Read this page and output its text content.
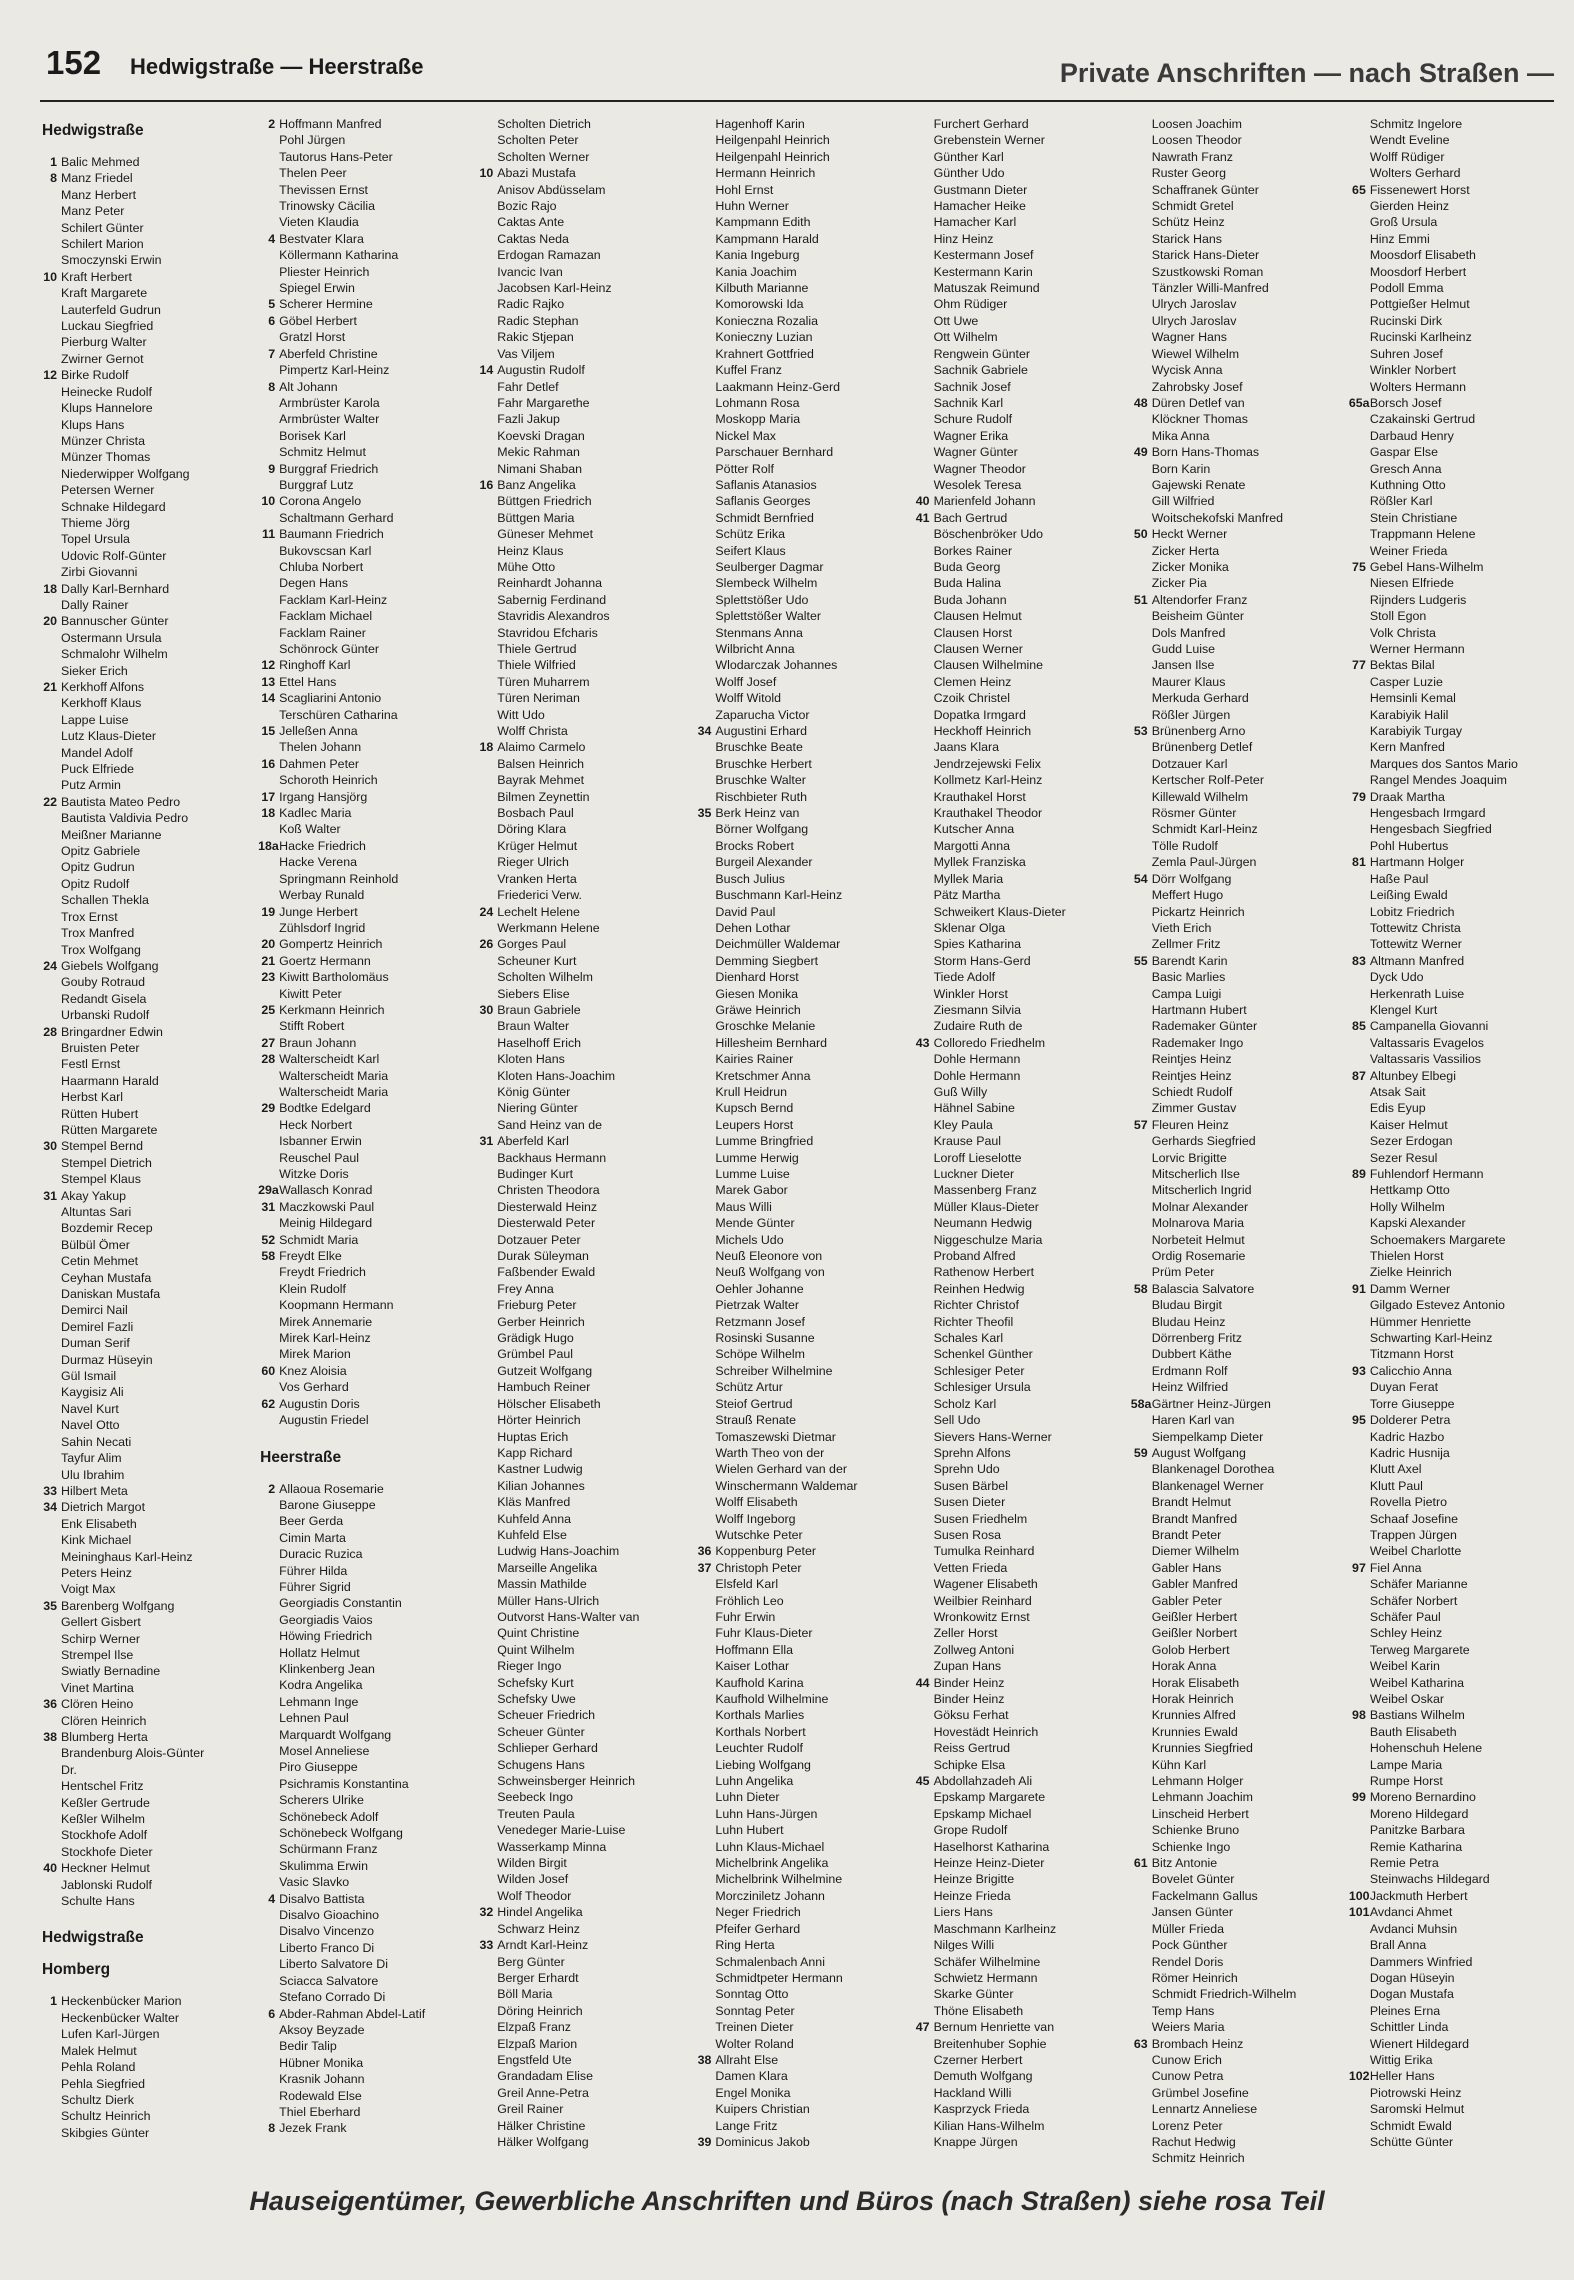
152 Hedwigstraße — Heerstraße	Private Anschriften — nach Straßen —
Hedwigstraße
1 Balic Mehmed
8 Manz Friedel
Manz Herbert
Manz Peter
Schilert Günter
Schilert Marion
Smoczynski Erwin
10 Kraft Herbert
Kraft Margarete
Lauterfeld Gudrun
Luckau Siegfried
Pierburg Walter
Zwirner Gernot
12 Birke Rudolf
Heinecke Rudolf
Klups Hannelore
Klups Hans
Münzer Christa
Münzer Thomas
Niederwipper Wolfgang
Petersen Werner
Schnake Hildegard
Thieme Jörg
Topel Ursula
Udovic Rolf-Günter
Zirbi Giovanni
18 Dally Karl-Bernhard
Dally Rainer
20 Bannuscher Günter
Ostermann Ursula
Schmalohr Wilhelm
Sieker Erich
21 Kerkhoff Alfons
Kerkhoff Klaus
Lappe Luise
Lutz Klaus-Dieter
Mandel Adolf
Puck Elfriede
Putz Armin
22 Bautista Mateo Pedro
Bautista Valdivia Pedro
Meißner Marianne
Opitz Gabriele
Opitz Gudrun
Opitz Rudolf
Schallen Thekla
Trox Ernst
Trox Manfred
Trox Wolfgang
24 Giebels Wolfgang
Gouby Rotraud
Redandt Gisela
Urbanski Rudolf
28 Bringardner Edwin
Bruisten Peter
Festl Ernst
Haarmann Harald
Herbst Karl
Rütten Hubert
Rütten Margarete
30 Stempel Bernd
Stempel Dietrich
Stempel Klaus
31 Akay Yakup
Altuntas Sari
Bozdemir Recep
Bülbül Ömer
Cetin Mehmet
Ceyhan Mustafa
Daniskan Mustafa
Demirci Nail
Demirel Fazli
Duman Serif
Durmaz Hüseyin
Gül Ismail
Kaygisiz Ali
Navel Kurt
Navel Otto
Sahin Necati
Tayfur Alim
Ulu Ibrahim
33 Hilbert Meta
34 Dietrich Margot
Enk Elisabeth
Kink Michael
Meininghaus Karl-Heinz
Peters Heinz
Voigt Max
35 Barenberg Wolfgang
Gellert Gisbert
Schirp Werner
Strempel Ilse
Swiatly Bernadine
Vinet Martina
36 Clören Heino
Clören Heinrich
38 Blumberg Herta
Brandenburg Alois-Günter
Dr.
Hentschel Fritz
Keßler Gertrude
Keßler Wilhelm
Stockhofe Adolf
Stockhofe Dieter
40 Heckner Helmut
Jablonski Rudolf
Schulte Hans
Hedwigstraße
Homberg
1 Heckenbücker Marion
Heckenbücker Walter
Lufen Karl-Jürgen
Malek Helmut
Pehla Roland
Pehla Siegfried
Schultz Dierk
Schultz Heinrich
Skibgies Günter
2 Hoffmann Manfred
Pohl Jürgen
Tautorus Hans-Peter
Thelen Peer
Thevissen Ernst
Trinowsky Cäcilia
Vieten Klaudia
4 Bestvater Klara
Köllermann Katharina
Pliester Heinrich
Spiegel Erwin
5 Scherer Hermine
6 Göbel Herbert
Gratzl Horst
7 Aberfeld Christine
Pimpertz Karl-Heinz
8 Alt Johann
Armbrüster Karola
Armbrüster Walter
Borisek Karl
Schmitz Helmut
9 Burggraf Friedrich
Burggraf Lutz
10 Corona Angelo
Schaltmann Gerhard
11 Baumann Friedrich
Bukovscsan Karl
Chluba Norbert
Degen Hans
Facklam Karl-Heinz
Facklam Michael
Facklam Rainer
Schönrock Günter
12 Ringhoff Karl
13 Ettel Hans
14 Scagliarini Antonio
Terschüren Catharina
15 Jelleßen Anna
Thelen Johann
16 Dahmen Peter
Schoroth Heinrich
17 Irgang Hansjörg
18 Kadlec Maria
Koß Walter
18aHacke Friedrich
Hacke Verena
Springmann Reinhold
Werbay Runald
19 Junge Herbert
Zühlsdorf Ingrid
20 Gompertz Heinrich
21 Goertz Hermann
23 Kiwitt Bartholomäus
Kiwitt Peter
25 Kerkmann Heinrich
Stifft Robert
27 Braun Johann
28 Walterscheidt Karl
Walterscheidt Maria
Walterscheidt Maria
29 Bodtke Edelgard
Heck Norbert
Isbanner Erwin
Reuschel Paul
Witzke Doris
29aWallasch Konrad
31 Maczkowski Paul
Meinig Hildegard
52 Schmidt Maria
58 Freydt Elke
Freydt Friedrich
Klein Rudolf
Koopmann Hermann
Mirek Annemarie
Mirek Karl-Heinz
Mirek Marion
60 Knez Aloisia
Vos Gerhard
62 Augustin Doris
Augustin Friedel
Heerstraße
2 Allaoua Rosemarie
Barone Giuseppe
Beer Gerda
Cimin Marta
Duracic Ruzica
Führer Hilda
Führer Sigrid
Georgiadis Constantin
Georgiadis Vaios
Höwing Friedrich
Hollatz Helmut
Klinkenberg Jean
Kodra Angelika
Lehmann Inge
Lehnen Paul
Marquardt Wolfgang
Mosel Anneliese
Piro Giuseppe
Psichramis Konstantina
Scherers Ulrike
Schönebeck Adolf
Schönebeck Wolfgang
Schürmann Franz
Skulimma Erwin
Vasic Slavko
4 Disalvo Battista
Disalvo Gioachino
Disalvo Vincenzo
Liberto Franco Di
Liberto Salvatore Di
Sciacca Salvatore
Stefano Corrado Di
6 Abder-Rahman Abdel-Latif
Aksoy Beyzade
Bedir Talip
Hübner Monika
Krasnik Johann
Rodewald Else
Thiel Eberhard
8 Jezek Frank
Scholten Dietrich
Scholten Peter
Scholten Werner
10 Abazi Mustafa
Anisov Abdüsselam
Bozic Rajo
Caktas Ante
Caktas Neda
Erdogan Ramazan
Ivancic Ivan
Jacobsen Karl-Heinz
Radic Rajko
Radic Stephan
Rakic Stjepan
Vas Viljem
14 Augustin Rudolf
Fahr Detlef
Fahr Margarethe
Fazli Jakup
Koevski Dragan
Mekic Rahman
Nimani Shaban
16 Banz Angelika
Büttgen Friedrich
Büttgen Maria
Güneser Mehmet
Heinz Klaus
Mühe Otto
Reinhardt Johanna
Sabernig Ferdinand
Stavridis Alexandros
Stavridou Efcharis
Thiele Gertrud
Thiele Wilfried
Türen Muharrem
Türen Neriman
Witt Udo
Wolff Christa
18 Alaimo Carmelo
Balsen Heinrich
Bayrak Mehmet
Bilmen Zeynettin
Bosbach Paul
Döring Klara
Krüger Helmut
Rieger Ulrich
Vranken Herta
Friederici Verw.
24 Lechelt Helene
Werkmann Helene
26 Gorges Paul
Scheuner Kurt
Scholten Wilhelm
Siebers Elise
30 Braun Gabriele
Braun Walter
Haselhoff Erich
Kloten Hans
Kloten Hans-Joachim
König Günter
Niering Günter
Sand Heinz van de
31 Aberfeld Karl
Backhaus Hermann
Budinger Kurt
Christen Theodora
Diesterwald Heinz
Diesterwald Peter
Dotzauer Peter
Durak Süleyman
Faßbender Ewald
Frey Anna
Frieburg Peter
Gerber Heinrich
Grädigk Hugo
Grümbel Paul
Gutzeit Wolfgang
Hambuch Reiner
Hölscher Elisabeth
Hörter Heinrich
Huptas Erich
Kapp Richard
Kastner Ludwig
Kilian Johannes
Kläs Manfred
Kuhfeld Anna
Kuhfeld Else
Ludwig Hans-Joachim
Marseille Angelika
Massin Mathilde
Müller Hans-Ulrich
Outvorst Hans-Walter van
Quint Christine
Quint Wilhelm
Rieger Ingo
Schefsky Kurt
Schefsky Uwe
Scheuer Friedrich
Scheuer Günter
Schlieper Gerhard
Schugens Hans
Schweinsberger Heinrich
Seebeck Ingo
Treuten Paula
Venedeger Marie-Luise
Wasserkamp Minna
Wilden Birgit
Wilden Josef
Wolf Theodor
32 Hindel Angelika
Schwarz Heinz
33 Arndt Karl-Heinz
Berg Günter
Berger Erhardt
Böll Maria
Döring Heinrich
Elzpaß Franz
Elzpaß Marion
Engstfeld Ute
Grandadam Elise
Greil Anne-Petra
Greil Rainer
Hälker Christine
Hälker Wolfgang
Hagenhoff Karin
Heilgenpahl Heinrich
Heilgenpahl Heinrich
Hermann Heinrich
Hohl Ernst
Huhn Werner
Kampmann Edith
Kampmann Harald
Kania Ingeburg
Kania Joachim
Kilbuth Marianne
Komorowski Ida
Konieczna Rozalia
Konieczny Luzian
Krahnert Gottfried
Kuffel Franz
Laakmann Heinz-Gerd
Lohmann Rosa
Moskopp Maria
Nickel Max
Parschauer Bernhard
Pötter Rolf
Saflanis Atanasios
Saflanis Georges
Schmidt Bernfried
Schütz Erika
Seifert Klaus
Seulberger Dagmar
Slembeck Wilhelm
Splettstößer Udo
Splettstößer Walter
Stenmans Anna
Wilbricht Anna
Wlodarczak Johannes
Wolff Josef
Wolff Witold
Zaparucha Victor
34 Augustini Erhard
Bruschke Beate
Bruschke Herbert
Bruschke Walter
Rischbieter Ruth
35 Berk Heinz van
Börner Wolfgang
Brocks Robert
Burgeil Alexander
Busch Julius
Buschmann Karl-Heinz
David Paul
Dehen Lothar
Deichmüller Waldemar
Demming Siegbert
Dienhard Horst
Giesen Monika
Gräwe Heinrich
Groschke Melanie
Hillesheim Bernhard
Kairies Rainer
Kretschmer Anna
Krull Heidrun
Kupsch Bernd
Leupers Horst
Lumme Bringfried
Lumme Herwig
Lumme Luise
Marek Gabor
Maus Willi
Mende Günter
Michels Udo
Neuß Eleonore von
Neuß Wolfgang von
Oehler Johanne
Pietrzak Walter
Retzmann Josef
Rosinski Susanne
Schöpe Wilhelm
Schreiber Wilhelmine
Schütz Artur
Steiof Gertrud
Strauß Renate
Tomaszewski Dietmar
Warth Theo von der
Wielen Gerhard van der
Winschermann Waldemar
Wolff Elisabeth
Wolff Ingeborg
Wutschke Peter
36 Koppenburg Peter
37 Christoph Peter
Elsfeld Karl
Fröhlich Leo
Fuhr Erwin
Fuhr Klaus-Dieter
Hoffmann Ella
Kaiser Lothar
Kaufhold Karina
Kaufhold Wilhelmine
Korthals Marlies
Korthals Norbert
Leuchter Rudolf
Liebing Wolfgang
Luhn Angelika
Luhn Dieter
Luhn Hans-Jürgen
Luhn Hubert
Luhn Klaus-Michael
Michelbrink Angelika
Michelbrink Wilhelmine
Morcziniletz Johann
Neger Friedrich
Pfeifer Gerhard
Ring Herta
Schmalenbach Anni
Schmidtpeter Hermann
Sonntag Otto
Sonntag Peter
Treinen Dieter
Wolter Roland
38 Allraht Else
Damen Klara
Engel Monika
Kuipers Christian
Lange Fritz
39 Dominicus Jakob
Furchert Gerhard
Grebenstein Werner
Günther Karl
Günther Udo
Gustmann Dieter
Hamacher Heike
Hamacher Karl
Hinz Heinz
Kestermann Josef
Kestermann Karin
Matuszak Reimund
Ohm Rüdiger
Ott Uwe
Ott Wilhelm
Rengwein Günter
Sachnik Gabriele
Sachnik Josef
Sachnik Karl
Schure Rudolf
Wagner Erika
Wagner Günter
Wagner Theodor
Wesolek Teresa
40 Marienfeld Johann
41 Bach Gertrud
Böschenbröker Udo
Borkes Rainer
Buda Georg
Buda Halina
Buda Johann
Clausen Helmut
Clausen Horst
Clausen Werner
Clausen Wilhelmine
Clemen Heinz
Czoik Christel
Dopatka Irmgard
Heckhoff Heinrich
Jaans Klara
Jendrzejewski Felix
Kollmetz Karl-Heinz
Krauthakel Horst
Krauthakel Theodor
Kutscher Anna
Margotti Anna
Myllek Franziska
Myllek Maria
Pätz Martha
Schweikert Klaus-Dieter
Sklenar Olga
Spies Katharina
Storm Hans-Gerd
Tiede Adolf
Winkler Horst
Ziesmann Silvia
Zudaire Ruth de
43 Colloredo Friedhelm
Dohle Hermann
Dohle Hermann
Guß Willy
Hähnel Sabine
Kley Paula
Krause Paul
Loroff Lieselotte
Luckner Dieter
Massenberg Franz
Müller Klaus-Dieter
Neumann Hedwig
Niggeschulze Maria
Proband Alfred
Rathenow Herbert
Reinhen Hedwig
Richter Christof
Richter Theofil
Schales Karl
Schenkel Günther
Schlesiger Peter
Schlesiger Ursula
Scholz Karl
Sell Udo
Sievers Hans-Werner
Sprehn Alfons
Sprehn Udo
Susen Bärbel
Susen Dieter
Susen Friedhelm
Susen Rosa
Tumulka Reinhard
Vetten Frieda
Wagener Elisabeth
Weilbier Reinhard
Wronkowitz Ernst
Zeller Horst
Zollweg Antoni
Zupan Hans
44 Binder Heinz
Binder Heinz
Göksu Ferhat
Hovestädt Heinrich
Reiss Gertrud
Schipke Elsa
45 Abdollahzadeh Ali
Epskamp Margarete
Epskamp Michael
Grope Rudolf
Haselhorst Katharina
Heinze Heinz-Dieter
Heinze Brigitte
Heinze Frieda
Liers Hans
Maschmann Karlheinz
Nilges Willi
Schäfer Wilhelmine
Schwietz Hermann
Skarke Günter
Thöne Elisabeth
47 Bernum Henriette van
Breitenhuber Sophie
Czerner Herbert
Demuth Wolfgang
Hackland Willi
Kasprzyck Frieda
Kilian Hans-Wilhelm
Knappe Jürgen
Loosen Joachim
Loosen Theodor
Nawrath Franz
Ruster Georg
Schaffranek Günter
Schmidt Gretel
Schütz Heinz
Starick Hans
Starick Hans-Dieter
Szustkowski Roman
Tänzler Willi-Manfred
Ulrych Jaroslav
Ulrych Jaroslav
Wagner Hans
Wiewel Wilhelm
Wycisk Anna
Zahrobsky Josef
48 Düren Detlef van
Klöckner Thomas
Mika Anna
49 Born Hans-Thomas
Born Karin
Gajewski Renate
Gill Wilfried
Woitschekofski Manfred
50 Heckt Werner
Zicker Herta
Zicker Monika
Zicker Pia
51 Altendorfer Franz
Beisheim Günter
Dols Manfred
Gudd Luise
Jansen Ilse
Maurer Klaus
Merkuda Gerhard
Rößler Jürgen
53 Brünenberg Arno
Brünenberg Detlef
Dotzauer Karl
Kertscher Rolf-Peter
Killewald Wilhelm
Rösmer Günter
Schmidt Karl-Heinz
Tölle Rudolf
Zemla Paul-Jürgen
54 Dörr Wolfgang
Meffert Hugo
Pickartz Heinrich
Vieth Erich
Zellmer Fritz
55 Barendt Karin
Basic Marlies
Campa Luigi
Hartmann Hubert
Rademaker Günter
Rademaker Ingo
Reintjes Heinz
Reintjes Heinz
Schiedt Rudolf
Zimmer Gustav
57 Fleuren Heinz
Gerhards Siegfried
Lorvic Brigitte
Mitscherlich Ilse
Mitscherlich Ingrid
Molnar Alexander
Molnarova Maria
Norbeteit Helmut
Ordig Rosemarie
Prüm Peter
58 Balascia Salvatore
Bludau Birgit
Bludau Heinz
Dörrenberg Fritz
Dubbert Käthe
Erdmann Rolf
Heinz Wilfried
58aGärtner Heinz-Jürgen
Haren Karl van
Siempelkamp Dieter
59 August Wolfgang
Blankenagel Dorothea
Blankenagel Werner
Brandt Helmut
Brandt Manfred
Brandt Peter
Diemer Wilhelm
Gabler Hans
Gabler Manfred
Gabler Peter
Geißler Herbert
Geißler Norbert
Golob Herbert
Horak Anna
Horak Elisabeth
Horak Heinrich
Krunnies Alfred
Krunnies Ewald
Krunnies Siegfried
Kühn Karl
Lehmann Holger
Lehmann Joachim
Linscheid Herbert
Schienke Bruno
Schienke Ingo
61 Bitz Antonie
Bovelet Günter
Fackelmann Gallus
Jansen Günter
Müller Frieda
Pock Günther
Rendel Doris
Römer Heinrich
Schmidt Friedrich-Wilhelm
Temp Hans
Weiers Maria
63 Brombach Heinz
Cunow Erich
Cunow Petra
Grümbel Josefine
Lennartz Anneliese
Lorenz Peter
Rachut Hedwig
Schmitz Heinrich
Schmitz Ingelore
Wendt Eveline
Wolff Rüdiger
Wolters Gerhard
65 Fissenewert Horst
Gierden Heinz
Groß Ursula
Hinz Emmi
Moosdorf Elisabeth
Moosdorf Herbert
Podoll Emma
Pottgießer Helmut
Rucinski Dirk
Rucinski Karlheinz
Suhren Josef
Winkler Norbert
Wolters Hermann
65aBorsch Josef
Czakainski Gertrud
Darbaud Henry
Gaspar Else
Gresch Anna
Kuthning Otto
Rößler Karl
Stein Christiane
Trappmann Helene
Weiner Frieda
75 Gebel Hans-Wilhelm
Niesen Elfriede
Rijnders Ludgeris
Stoll Egon
Volk Christa
Werner Hermann
77 Bektas Bilal
Casper Luzie
Hemsinli Kemal
Karabiyik Halil
Karabiyik Turgay
Kern Manfred
Marques dos Santos Mario
Rangel Mendes Joaquim
79 Draak Martha
Hengesbach Irmgard
Hengesbach Siegfried
Pohl Hubertus
81 Hartmann Holger
Haße Paul
Leißing Ewald
Lobitz Friedrich
Tottewitz Christa
Tottewitz Werner
83 Altmann Manfred
Dyck Udo
Herkenrath Luise
Klengel Kurt
85 Campanella Giovanni
Valtassaris Evagelos
Valtassaris Vassilios
87 Altunbey Elbegi
Atsak Sait
Edis Eyup
Kaiser Helmut
Sezer Erdogan
Sezer Resul
89 Fuhlendorf Hermann
Hettkamp Otto
Holly Wilhelm
Kapski Alexander
Schoemakers Margarete
Thielen Horst
Zielke Heinrich
91 Damm Werner
Gilgado Estevez Antonio
Hümmer Henriette
Schwarting Karl-Heinz
Titzmann Horst
93 Calicchio Anna
Duyan Ferat
Torre Giuseppe
95 Dolderer Petra
Kadric Hazbo
Kadric Husnija
Klutt Axel
Klutt Paul
Rovella Pietro
Schaaf Josefine
Trappen Jürgen
Weibel Charlotte
97 Fiel Anna
Schäfer Marianne
Schäfer Norbert
Schäfer Paul
Schley Heinz
Terweg Margarete
Weibel Karin
Weibel Katharina
Weibel Oskar
98 Bastians Wilhelm
Bauth Elisabeth
Hohenschuh Helene
Lampe Maria
Rumpe Horst
99 Moreno Bernardino
Moreno Hildegard
Panitzke Barbara
Remie Katharina
Remie Petra
Steinwachs Hildegard
100Jackmuth Herbert
101Avdanci Ahmet
Avdanci Muhsin
Brall Anna
Dammers Winfried
Dogan Hüseyin
Dogan Mustafa
Pleines Erna
Schittler Linda
Wienert Hildegard
Wittig Erika
102Heller Hans
Piotrowski Heinz
Saromski Helmut
Schmidt Ewald
Schütte Günter
Hauseigentümer, Gewerbliche Anschriften und Büros (nach Straßen) siehe rosa Teil
